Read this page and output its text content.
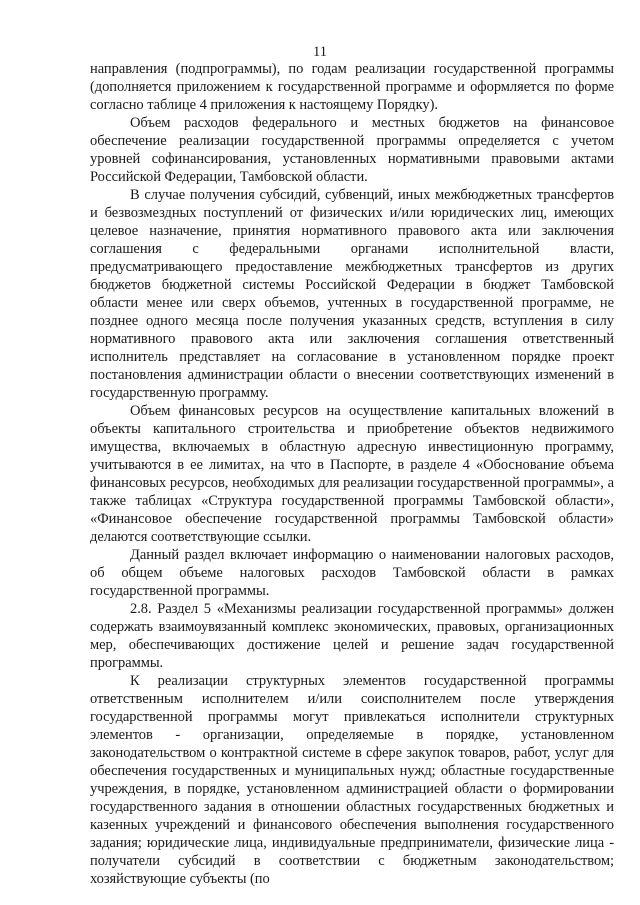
11

направления (подпрограммы), по годам реализации государственной программы (дополняется приложением к государственной программе и оформляется по форме согласно таблице 4 приложения к настоящему Порядку).

Объем расходов федерального и местных бюджетов на финансовое обеспечение реализации государственной программы определяется с учетом уровней софинансирования, установленных нормативными правовыми актами Российской Федерации, Тамбовской области.

В случае получения субсидий, субвенций, иных межбюджетных трансфертов и безвозмездных поступлений от физических и/или юридических лиц, имеющих целевое назначение, принятия нормативного правового акта или заключения соглашения с федеральными органами исполнительной власти, предусматривающего предоставление межбюджетных трансфертов из других бюджетов бюджетной системы Российской Федерации в бюджет Тамбовской области менее или сверх объемов, учтенных в государственной программе, не позднее одного месяца после получения указанных средств, вступления в силу нормативного правового акта или заключения соглашения ответственный исполнитель представляет на согласование в установленном порядке проект постановления администрации области о внесении соответствующих изменений в государственную программу.

Объем финансовых ресурсов на осуществление капитальных вложений в объекты капитального строительства и приобретение объектов недвижимого имущества, включаемых в областную адресную инвестиционную программу, учитываются в ее лимитах, на что в Паспорте, в разделе 4 «Обоснование объема финансовых ресурсов, необходимых для реализации государственной программы», а также таблицах «Структура государственной программы Тамбовской области», «Финансовое обеспечение государственной программы Тамбовской области» делаются соответствующие ссылки.

Данный раздел включает информацию о наименовании налоговых расходов, об общем объеме налоговых расходов Тамбовской области в рамках государственной программы.

2.8. Раздел 5 «Механизмы реализации государственной программы» должен содержать взаимоувязанный комплекс экономических, правовых, организационных мер, обеспечивающих достижение целей и решение задач государственной программы.

К реализации структурных элементов государственной программы ответственным исполнителем и/или соисполнителем после утверждения государственной программы могут привлекаться исполнители структурных элементов - организации, определяемые в порядке, установленном законодательством о контрактной системе в сфере закупок товаров, работ, услуг для обеспечения государственных и муниципальных нужд; областные государственные учреждения, в порядке, установленном администрацией области о формировании государственного задания в отношении областных государственных бюджетных и казенных учреждений и финансового обеспечения выполнения государственного задания; юридические лица, индивидуальные предприниматели, физические лица - получатели субсидий в соответствии с бюджетным законодательством; хозяйствующие субъекты (по
